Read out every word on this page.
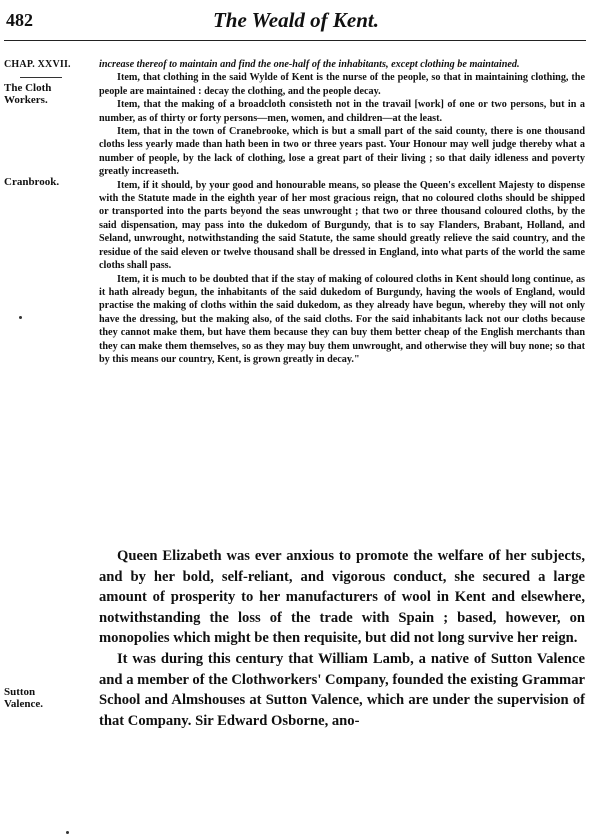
482	The Weald of Kent.
CHAP. XXVII.
The Cloth Workers.
Cranbrook.
Sutton Valence.

increase thereof to maintain and find the one-half of the inhabitants, except clothing be maintained.

Item, that clothing in the said Wylde of Kent is the nurse of the people, so that in maintaining clothing, the people are maintained : decay the clothing, and the people decay.

Item, that the making of a broadcloth consisteth not in the travail [work] of one or two persons, but in a number, as of thirty or forty persons—men, women, and children—at the least.

Item, that in the town of Cranebrooke, which is but a small part of the said county, there is one thousand cloths less yearly made than hath been in two or three years past. Your Honour may well judge thereby what a number of people, by the lack of clothing, lose a great part of their living ; so that daily idleness and poverty greatly increaseth.

Item, if it should, by your good and honourable means, so please the Queen's excellent Majesty to dispense with the Statute made in the eighth year of her most gracious reign, that no coloured cloths should be shipped or transported into the parts beyond the seas unwrought ; that two or three thousand coloured cloths, by the said dispensation, may pass into the dukedom of Burgundy, that is to say Flanders, Brabant, Holland, and Seland, unwrought, notwithstanding the said Statute, the same should greatly relieve the said country, and the residue of the said eleven or twelve thousand shall be dressed in England, into what parts of the world the same cloths shall pass.

Item, it is much to be doubted that if the stay of making of coloured cloths in Kent should long continue, as it hath already begun, the inhabitants of the said dukedom of Burgundy, having the wools of England, would practise the making of cloths within the said dukedom, as they already have begun, whereby they will not only have the dressing, but the making also, of the said cloths. For the said inhabitants lack not our cloths because they cannot make them, but have them because they can buy them better cheap of the English merchants than they can make them themselves, so as they may buy them unwrought, and otherwise they will buy none; so that by this means our country, Kent, is grown greatly in decay."

Queen Elizabeth was ever anxious to promote the welfare of her subjects, and by her bold, self-reliant, and vigorous conduct, she secured a large amount of prosperity to her manufacturers of wool in Kent and elsewhere, notwithstanding the loss of the trade with Spain ; based, however, on monopolies which might be then requisite, but did not long survive her reign.

It was during this century that William Lamb, a native of Sutton Valence and a member of the Clothworkers' Company, founded the existing Grammar School and Almshouses at Sutton Valence, which are under the supervision of that Company. Sir Edward Osborne, ano-
